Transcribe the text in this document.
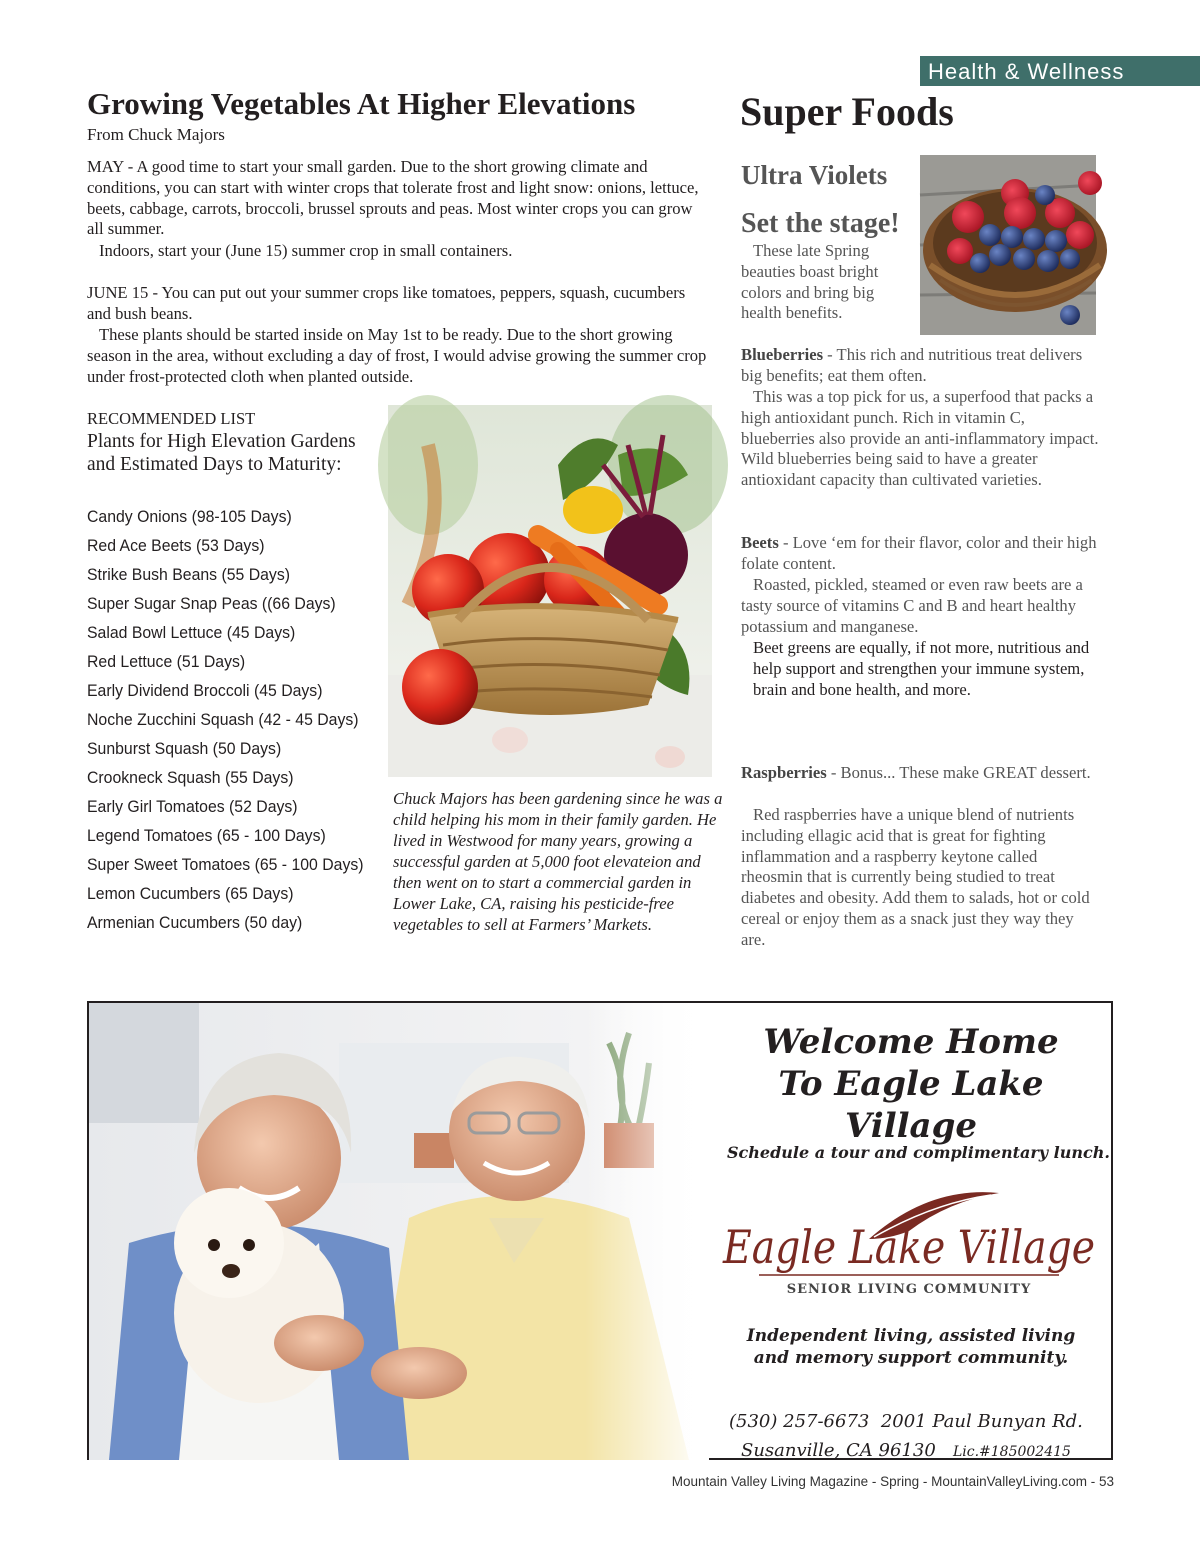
Health & Wellness
Growing Vegetables At Higher Elevations
From Chuck Majors

MAY - A good time to start your small garden. Due to the short growing climate and conditions, you can start with winter crops that tolerate frost and light snow: onions, lettuce, beets, cabbage, carrots, broccoli, brussel sprouts and peas. Most winter crops you can grow all summer.

Indoors, start your (June 15) summer crop in small containers.

JUNE 15 - You can put out your summer crops like tomatoes, peppers, squash, cucumbers and bush beans.

These plants should be started inside on May 1st to be ready. Due to the short growing season in the area, without excluding a day of frost, I would advise growing the summer crop under frost-protected cloth when planted outside.

RECOMMENDED LIST
Plants for High Elevation Gardens and Estimated Days to Maturity:
Candy Onions (98-105 Days)
Red Ace Beets (53 Days)
Strike Bush Beans (55 Days)
Super Sugar Snap Peas ((66 Days)
Salad Bowl Lettuce (45 Days)
Red Lettuce (51 Days)
Early Dividend Broccoli (45 Days)
Noche Zucchini Squash (42 - 45 Days)
Sunburst Squash (50 Days)
Crookneck Squash (55 Days)
Early Girl Tomatoes (52 Days)
Legend Tomatoes (65 - 100 Days)
Super Sweet Tomatoes (65 - 100 Days)
Lemon Cucumbers (65 Days)
Armenian Cucumbers (50 day)
Chuck Majors has been gardening since he was a child helping his mom in their family garden. He lived in Westwood for many years, growing a successful garden at 5,000 foot elevateion and then went on to start a commercial garden in Lower Lake, CA, raising his pesticide-free vegetables to sell at Farmers’ Markets.
Super Foods
Ultra Violets
Set the stage!

These late Spring beauties boast bright colors and bring big health benefits.

Blueberries - This rich and nutritious treat delivers big benefits; eat them often.

This was a top pick for us, a superfood that packs a high antioxidant punch. Rich in vitamin C, blueberries also provide an anti-inflammatory impact. Wild blueberries being said to have a greater antioxidant capacity than cultivated varieties.

Beets - Love ‘em for their flavor, color and their high folate content.

Roasted, pickled, steamed or even raw beets are a tasty source of vitamins C and B and heart healthy potassium and manganese.

Beet greens are equally, if not more, nutritious and help support and strengthen your immune system, brain and bone health, and more.

Raspberries - Bonus... These make GREAT dessert.

Red raspberries have a unique blend of nutrients including ellagic acid that is great for fighting inflammation and a raspberry keytone called rheosmin that is currently being studied to treat diabetes and obesity. Add them to salads, hot or cold cereal or enjoy them as a snack just they way they are.

Welcome Home
To Eagle Lake Village
Schedule a tour and complimentary lunch.
Eagle Lake Village
SENIOR LIVING COMMUNITY
Independent living, assisted living
and memory support community.
(530) 257-6673 2001 Paul Bunyan Rd.
Susanville, CA 96130 Lic.#185002415
Mountain Valley Living Magazine - Spring - MountainValleyLiving.com - 53
